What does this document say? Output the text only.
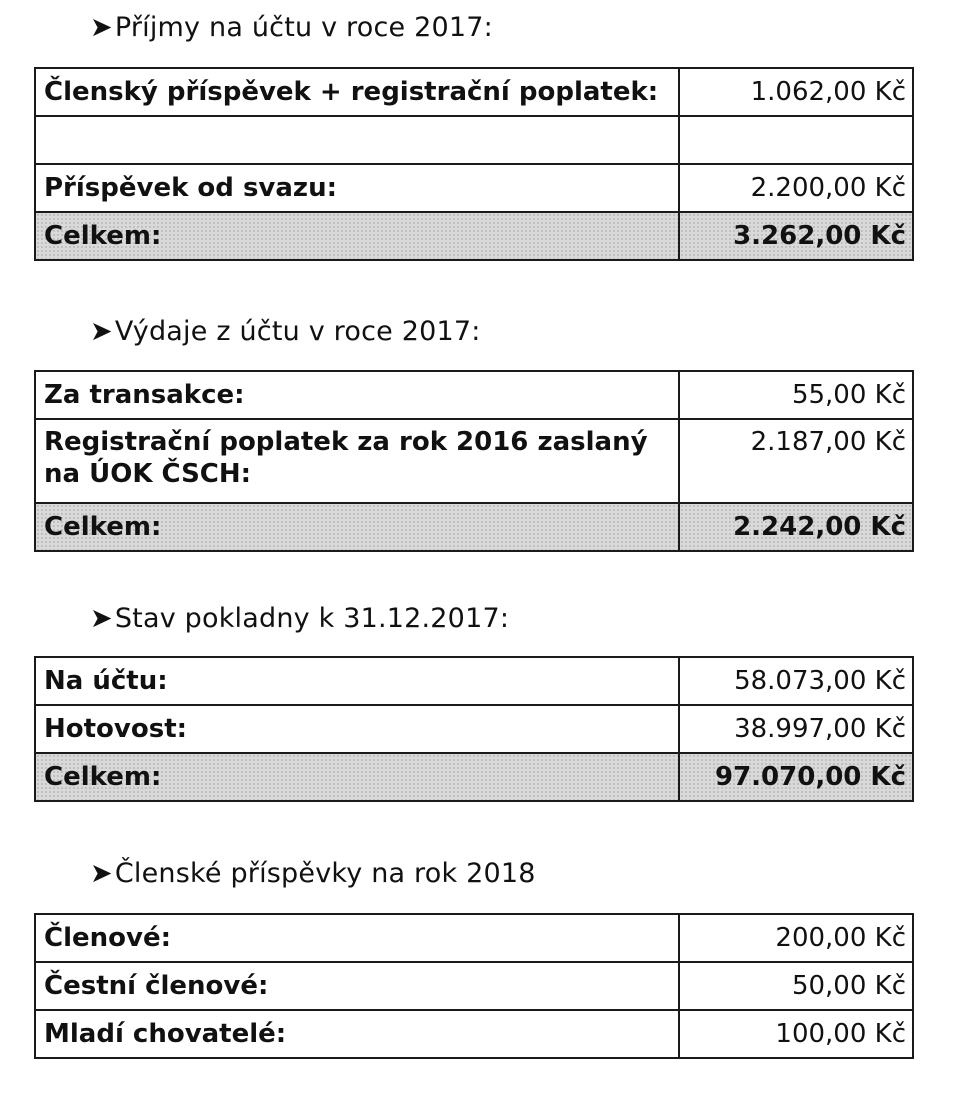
➤Příjmy na účtu v roce 2017:
Členský příspěvek + registrační poplatek:	1.062,00 Kč

Příspěvek od svazu:	2.200,00 Kč
Celkem:	3.262,00 Kč
➤Výdaje z účtu v roce 2017:
Za transakce:	55,00 Kč
Registrační poplatek za rok 2016 zaslaný na ÚOK ČSCH:	2.187,00 Kč
Celkem:	2.242,00 Kč
➤Stav pokladny k 31.12.2017:
Na účtu:	58.073,00 Kč
Hotovost:	38.997,00 Kč
Celkem:	97.070,00 Kč
➤Členské příspěvky na rok 2018
Členové:	200,00 Kč
Čestní členové:	50,00 Kč
Mladí chovatelé:	100,00 Kč
